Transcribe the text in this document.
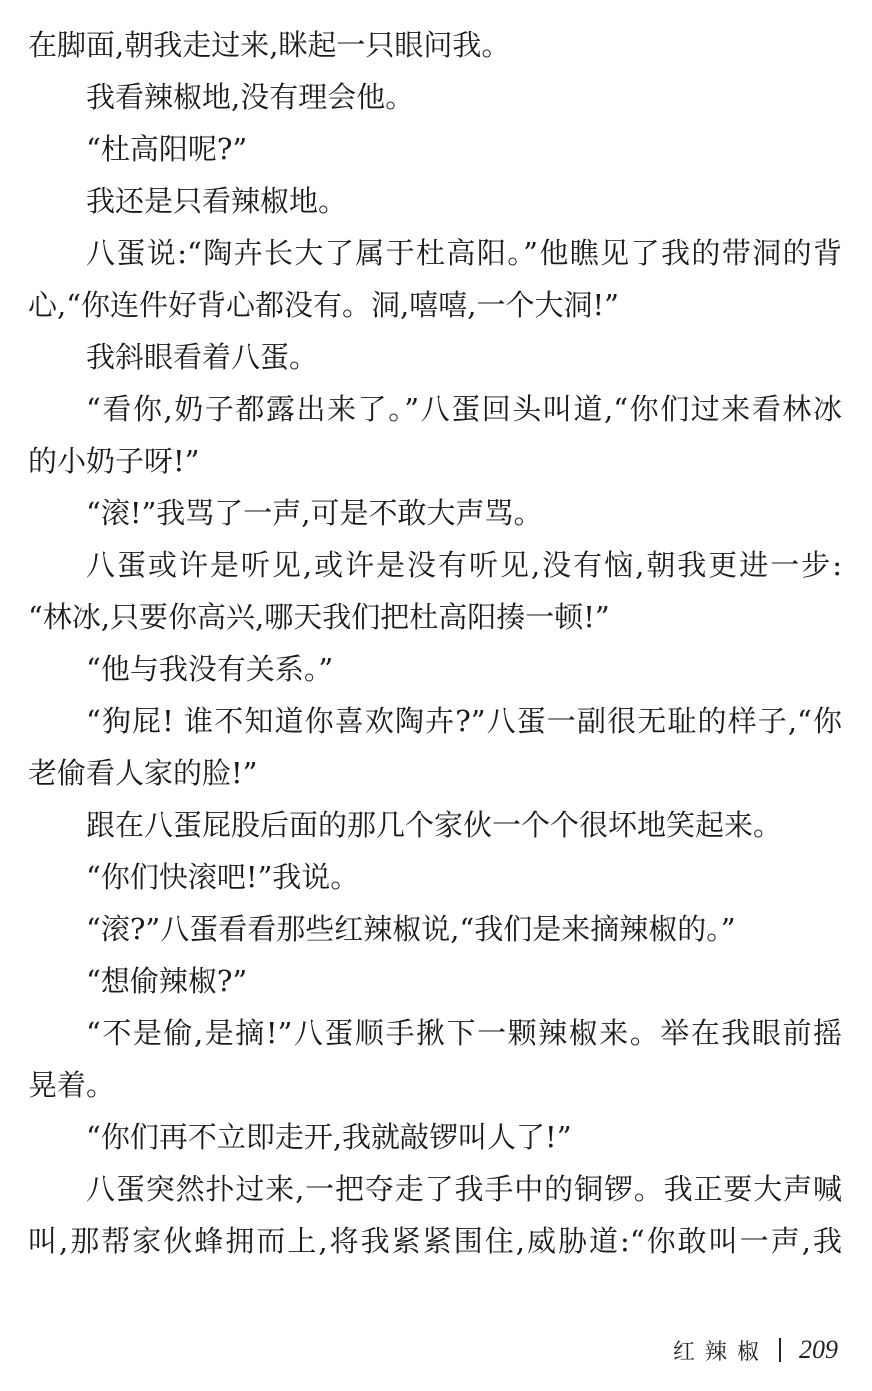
在脚面,朝我走过来,眯起一只眼问我。
我看辣椒地,没有理会他。
“杜高阳呢?”
我还是只看辣椒地。
八蛋说:“陶卉长大了属于杜高阳。”他瞧见了我的带洞的背
心,“你连件好背心都没有。洞,嘻嘻,一个大洞!”
我斜眼看着八蛋。
“看你,奶子都露出来了。”八蛋回头叫道,“你们过来看林冰
的小奶子呀!”
“滚!”我骂了一声,可是不敢大声骂。
八蛋或许是听见,或许是没有听见,没有恼,朝我更进一步:
“林冰,只要你高兴,哪天我们把杜高阳揍一顿!”
“他与我没有关系。”
“狗屁! 谁不知道你喜欢陶卉?”八蛋一副很无耻的样子,“你
老偷看人家的脸!”
跟在八蛋屁股后面的那几个家伙一个个很坏地笑起来。
“你们快滚吧!”我说。
“滚?”八蛋看看那些红辣椒说,“我们是来摘辣椒的。”
“想偷辣椒?”
“不是偷,是摘!”八蛋顺手揪下一颗辣椒来。举在我眼前摇
晃着。
“你们再不立即走开,我就敲锣叫人了!”
八蛋突然扑过来,一把夺走了我手中的铜锣。我正要大声喊
叫,那帮家伙蜂拥而上,将我紧紧围住,威胁道:“你敢叫一声,我
红辣椒 209
